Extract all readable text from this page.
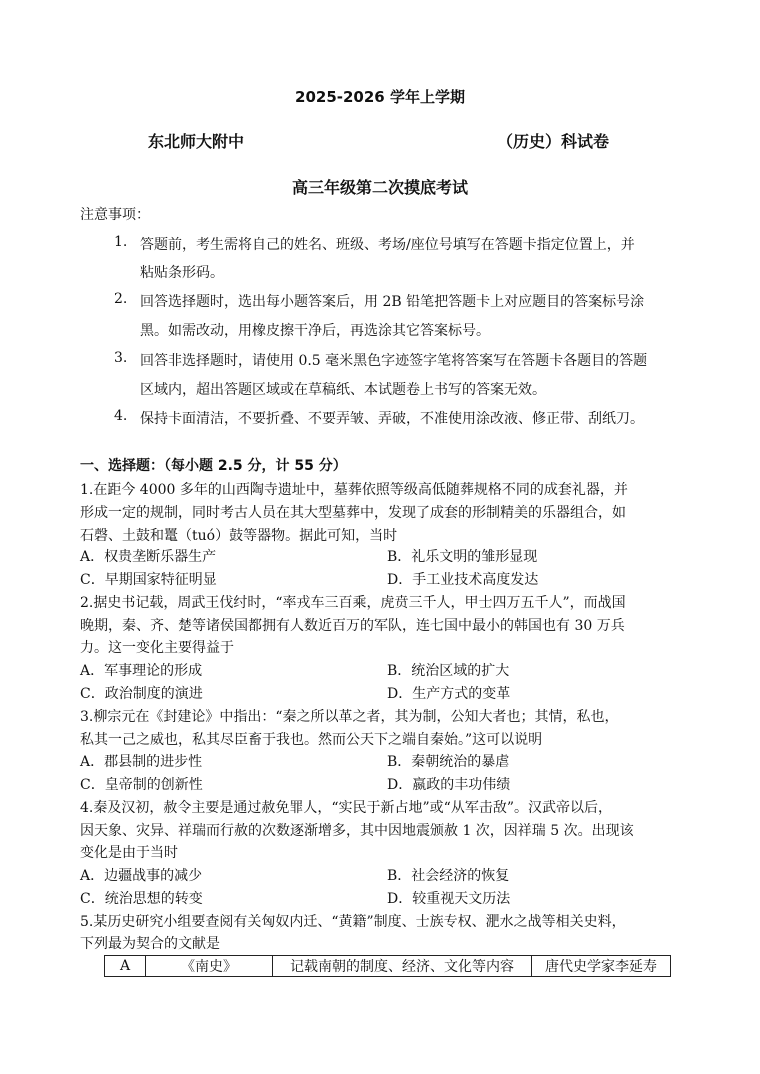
2025-2026 学年上学期
东北师大附中	（历史）科试卷
高三年级第二次摸底考试
注意事项：
1. 答题前，考生需将自己的姓名、班级、考场/座位号填写在答题卡指定位置上，并
粘贴条形码。
2. 回答选择题时，选出每小题答案后，用 2B 铅笔把答题卡上对应题目的答案标号涂
黑。如需改动，用橡皮擦干净后，再选涂其它答案标号。
3. 回答非选择题时，请使用 0.5 毫米黑色字迹签字笔将答案写在答题卡各题目的答题
区域内，超出答题区域或在草稿纸、本试题卷上书写的答案无效。
4. 保持卡面清洁，不要折叠、不要弄皱、弄破，不准使用涂改液、修正带、刮纸刀。
一、选择题：（每小题 2.5 分，计 55 分）
1.在距今 4000 多年的山西陶寺遗址中，墓葬依照等级高低随葬规格不同的成套礼器，并
形成一定的规制，同时考古人员在其大型墓葬中，发现了成套的形制精美的乐器组合，如
石磬、土鼓和鼍（tuó）鼓等器物。据此可知，当时
A．权贵垄断乐器生产	B．礼乐文明的雏形显现
C．早期国家特征明显	D．手工业技术高度发达
2.据史书记载，周武王伐纣时，“率戎车三百乘，虎贲三千人，甲士四万五千人”，而战国
晚期，秦、齐、楚等诸侯国都拥有人数近百万的军队，连七国中最小的韩国也有 30 万兵
力。这一变化主要得益于
A．军事理论的形成	B．统治区域的扩大
C．政治制度的演进	D．生产方式的变革
3.柳宗元在《封建论》中指出：“秦之所以革之者，其为制，公知大者也；其情，私也，
私其一己之威也，私其尽臣畜于我也。然而公天下之端自秦始。”这可以说明
A．郡县制的进步性	B．秦朝统治的暴虐
C．皇帝制的创新性	D．嬴政的丰功伟绩
4.秦及汉初，赦令主要是通过赦免罪人，“实民于新占地”或“从军击敌”。汉武帝以后，
因天象、灾异、祥瑞而行赦的次数逐渐增多，其中因地震颁赦 1 次，因祥瑞 5 次。出现该
变化是由于当时
A．边疆战事的减少	B．社会经济的恢复
C．统治思想的转变	D．较重视天文历法
5.某历史研究小组要查阅有关匈奴内迁、“黄籍”制度、士族专权、淝水之战等相关史料，
下列最为契合的文献是
A	《南史》	记载南朝的制度、经济、文化等内容	唐代史学家李延寿
